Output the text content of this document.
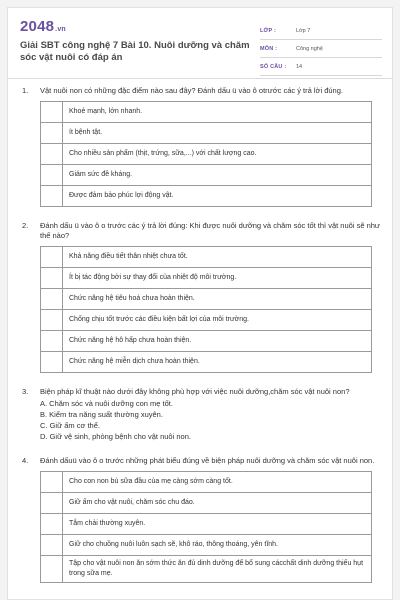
2048.vn
Giải SBT công nghệ 7 Bài 10. Nuôi dưỡng và chăm sóc vật nuôi có đáp án
LỚP :	Lớp 7
MÔN :	Công nghệ
SỐ CÂU :	14
1.	Vật nuôi non có những đặc điểm nào sau đây? Đánh dấu ü vào ô otrước các ý trả lời đúng.
	Khoẻ mạnh, lớn nhanh.
	ít bệnh tật.
	Cho nhiều sản phẩm (thịt, trứng, sữa,...) với chất lượng cao.
	Giảm sức đề kháng.
	Được đảm bảo phúc lợi động vật.
2.	Đánh dấu ü vào ô o trước các ý trả lời đúng: Khi được nuôi dưỡng và chăm sóc tốt thì vật nuôi sẽ như thế nào?
	Khả năng điều tiết thân nhiệt chưa tốt.
	Ít bị tác động bởi sự thay đổi của nhiệt độ môi trường.
	Chức năng hệ tiêu hoá chưa hoàn thiện.
	Chống chịu tốt trước các điều kiện bất lợi của môi trường.
	Chức năng hệ hô hấp chưa hoàn thiện.
	Chức năng hệ miễn dịch chưa hoàn thiện.
3.	Biện pháp kĩ thuật nào dưới đây không phù hợp với việc nuôi dưỡng,chăm sóc vật nuôi non?
A. Chăm sóc và nuôi dưỡng con mẹ tốt.
B. Kiểm tra năng suất thường xuyên.
C. Giữ ấm cơ thể.
D. Giữ vệ sinh, phòng bệnh cho vật nuôi non.
4.	Đánh dấuü vào ô o trước những phát biểu đúng về biện pháp nuôi dưỡng và chăm sóc vật nuôi non.
	Cho con non bú sữa đầu của mẹ càng sớm càng tốt.
	Giữ ấm cho vật nuôi, chăm sóc chu đáo.
	Tắm chải thường xuyên.
	Giữ cho chuồng nuôi luôn sạch sẽ, khô ráo, thông thoáng, yên tĩnh.
	Tập cho vật nuôi non ăn sớm thức ăn đủ dinh dưỡng để bổ sung cácchất dinh dưỡng thiếu hụt trong sữa mẹ.
